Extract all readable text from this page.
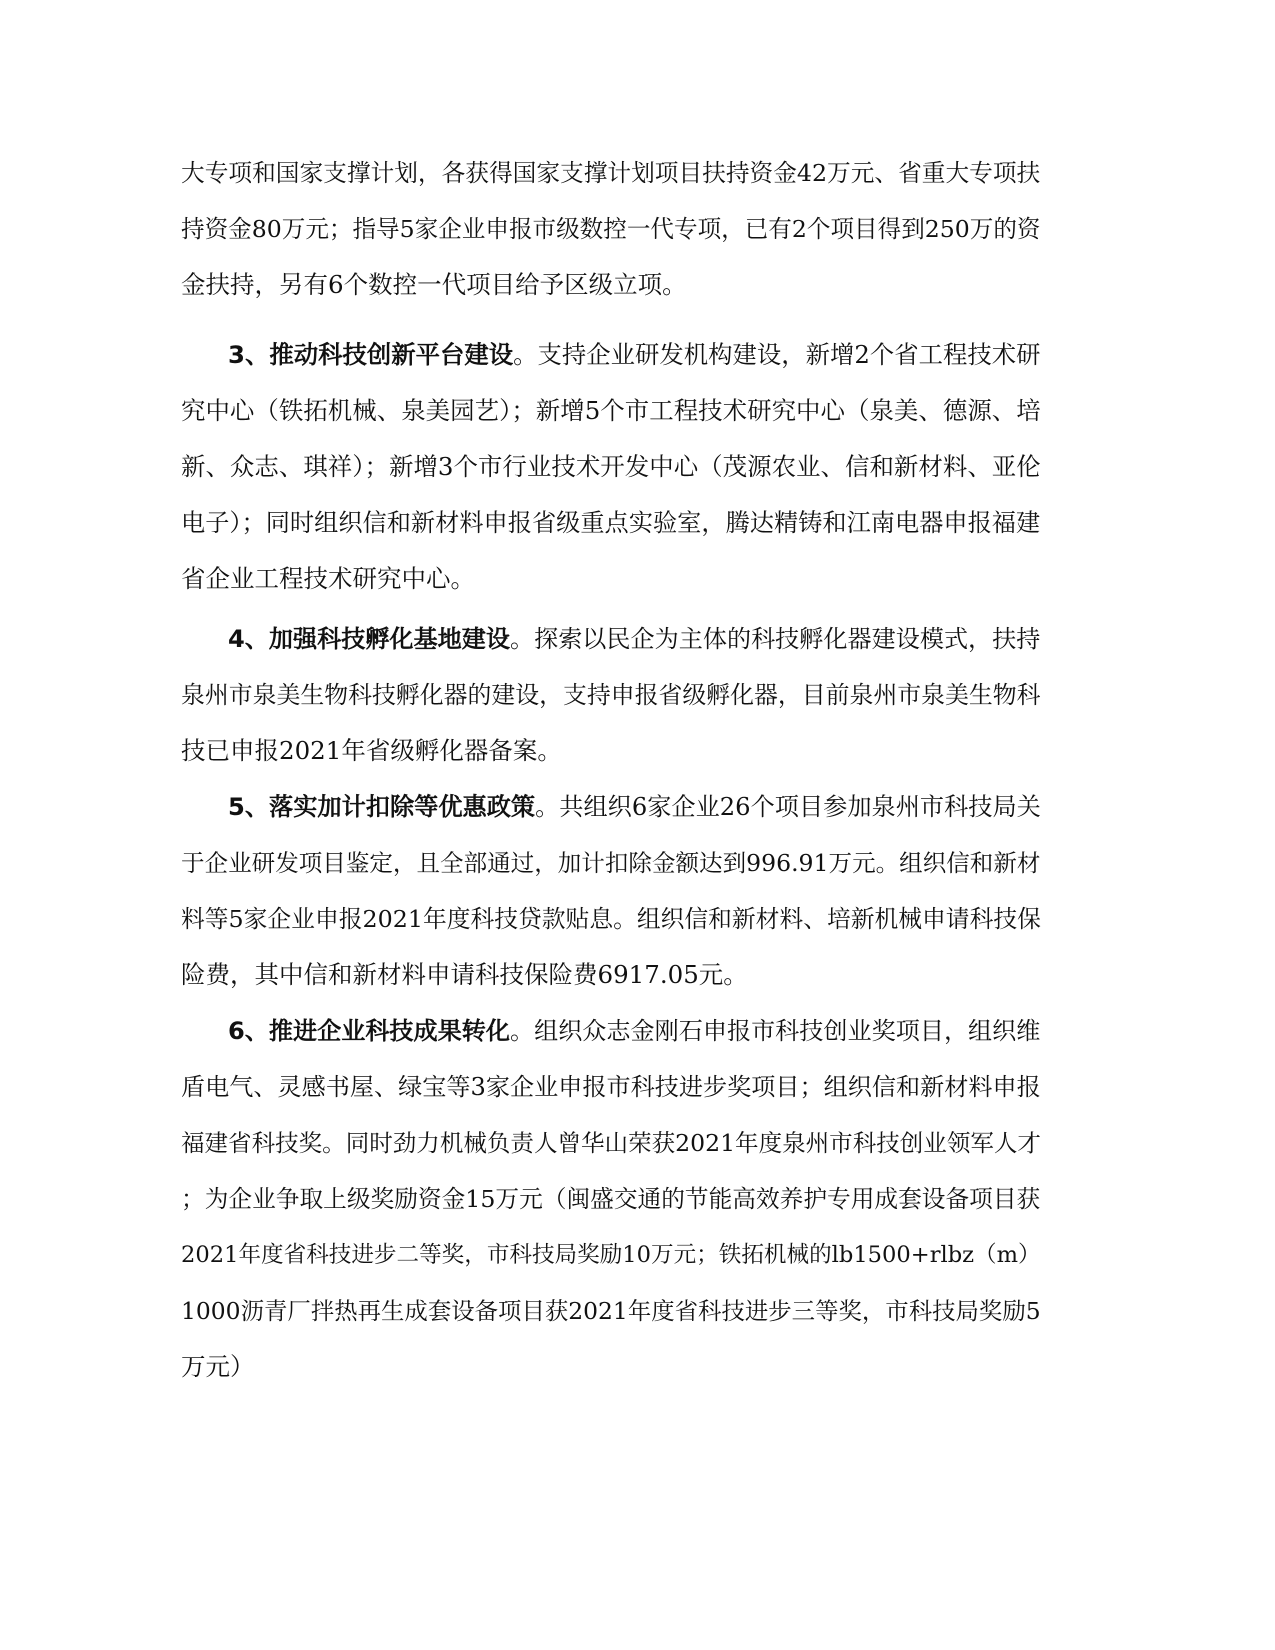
大专项和国家支撑计划，各获得国家支撑计划项目扶持资金42万元、省重大专项扶
持资金80万元；指导5家企业申报市级数控一代专项，已有2个项目得到250万的资
金扶持，另有6个数控一代项目给予区级立项。
3、推动科技创新平台建设。支持企业研发机构建设，新增2个省工程技术研
究中心（铁拓机械、泉美园艺）；新增5个市工程技术研究中心（泉美、德源、培
新、众志、琪祥）；新增3个市行业技术开发中心（茂源农业、信和新材料、亚伦
电子）；同时组织信和新材料申报省级重点实验室，腾达精铸和江南电器申报福建
省企业工程技术研究中心。
4、加强科技孵化基地建设。探索以民企为主体的科技孵化器建设模式，扶持
泉州市泉美生物科技孵化器的建设，支持申报省级孵化器，目前泉州市泉美生物科
技已申报2021年省级孵化器备案。
5、落实加计扣除等优惠政策。共组织6家企业26个项目参加泉州市科技局关
于企业研发项目鉴定，且全部通过，加计扣除金额达到996.91万元。组织信和新材
料等5家企业申报2021年度科技贷款贴息。组织信和新材料、培新机械申请科技保
险费，其中信和新材料申请科技保险费6917.05元。
6、推进企业科技成果转化。组织众志金刚石申报市科技创业奖项目，组织维
盾电气、灵感书屋、绿宝等3家企业申报市科技进步奖项目；组织信和新材料申报
福建省科技奖。同时劲力机械负责人曾华山荣获2021年度泉州市科技创业领军人才
；为企业争取上级奖励资金15万元（闽盛交通的节能高效养护专用成套设备项目获
2021年度省科技进步二等奖，市科技局奖励10万元；铁拓机械的lb1500+rlbz（m）
1000沥青厂拌热再生成套设备项目获2021年度省科技进步三等奖，市科技局奖励5
万元）
